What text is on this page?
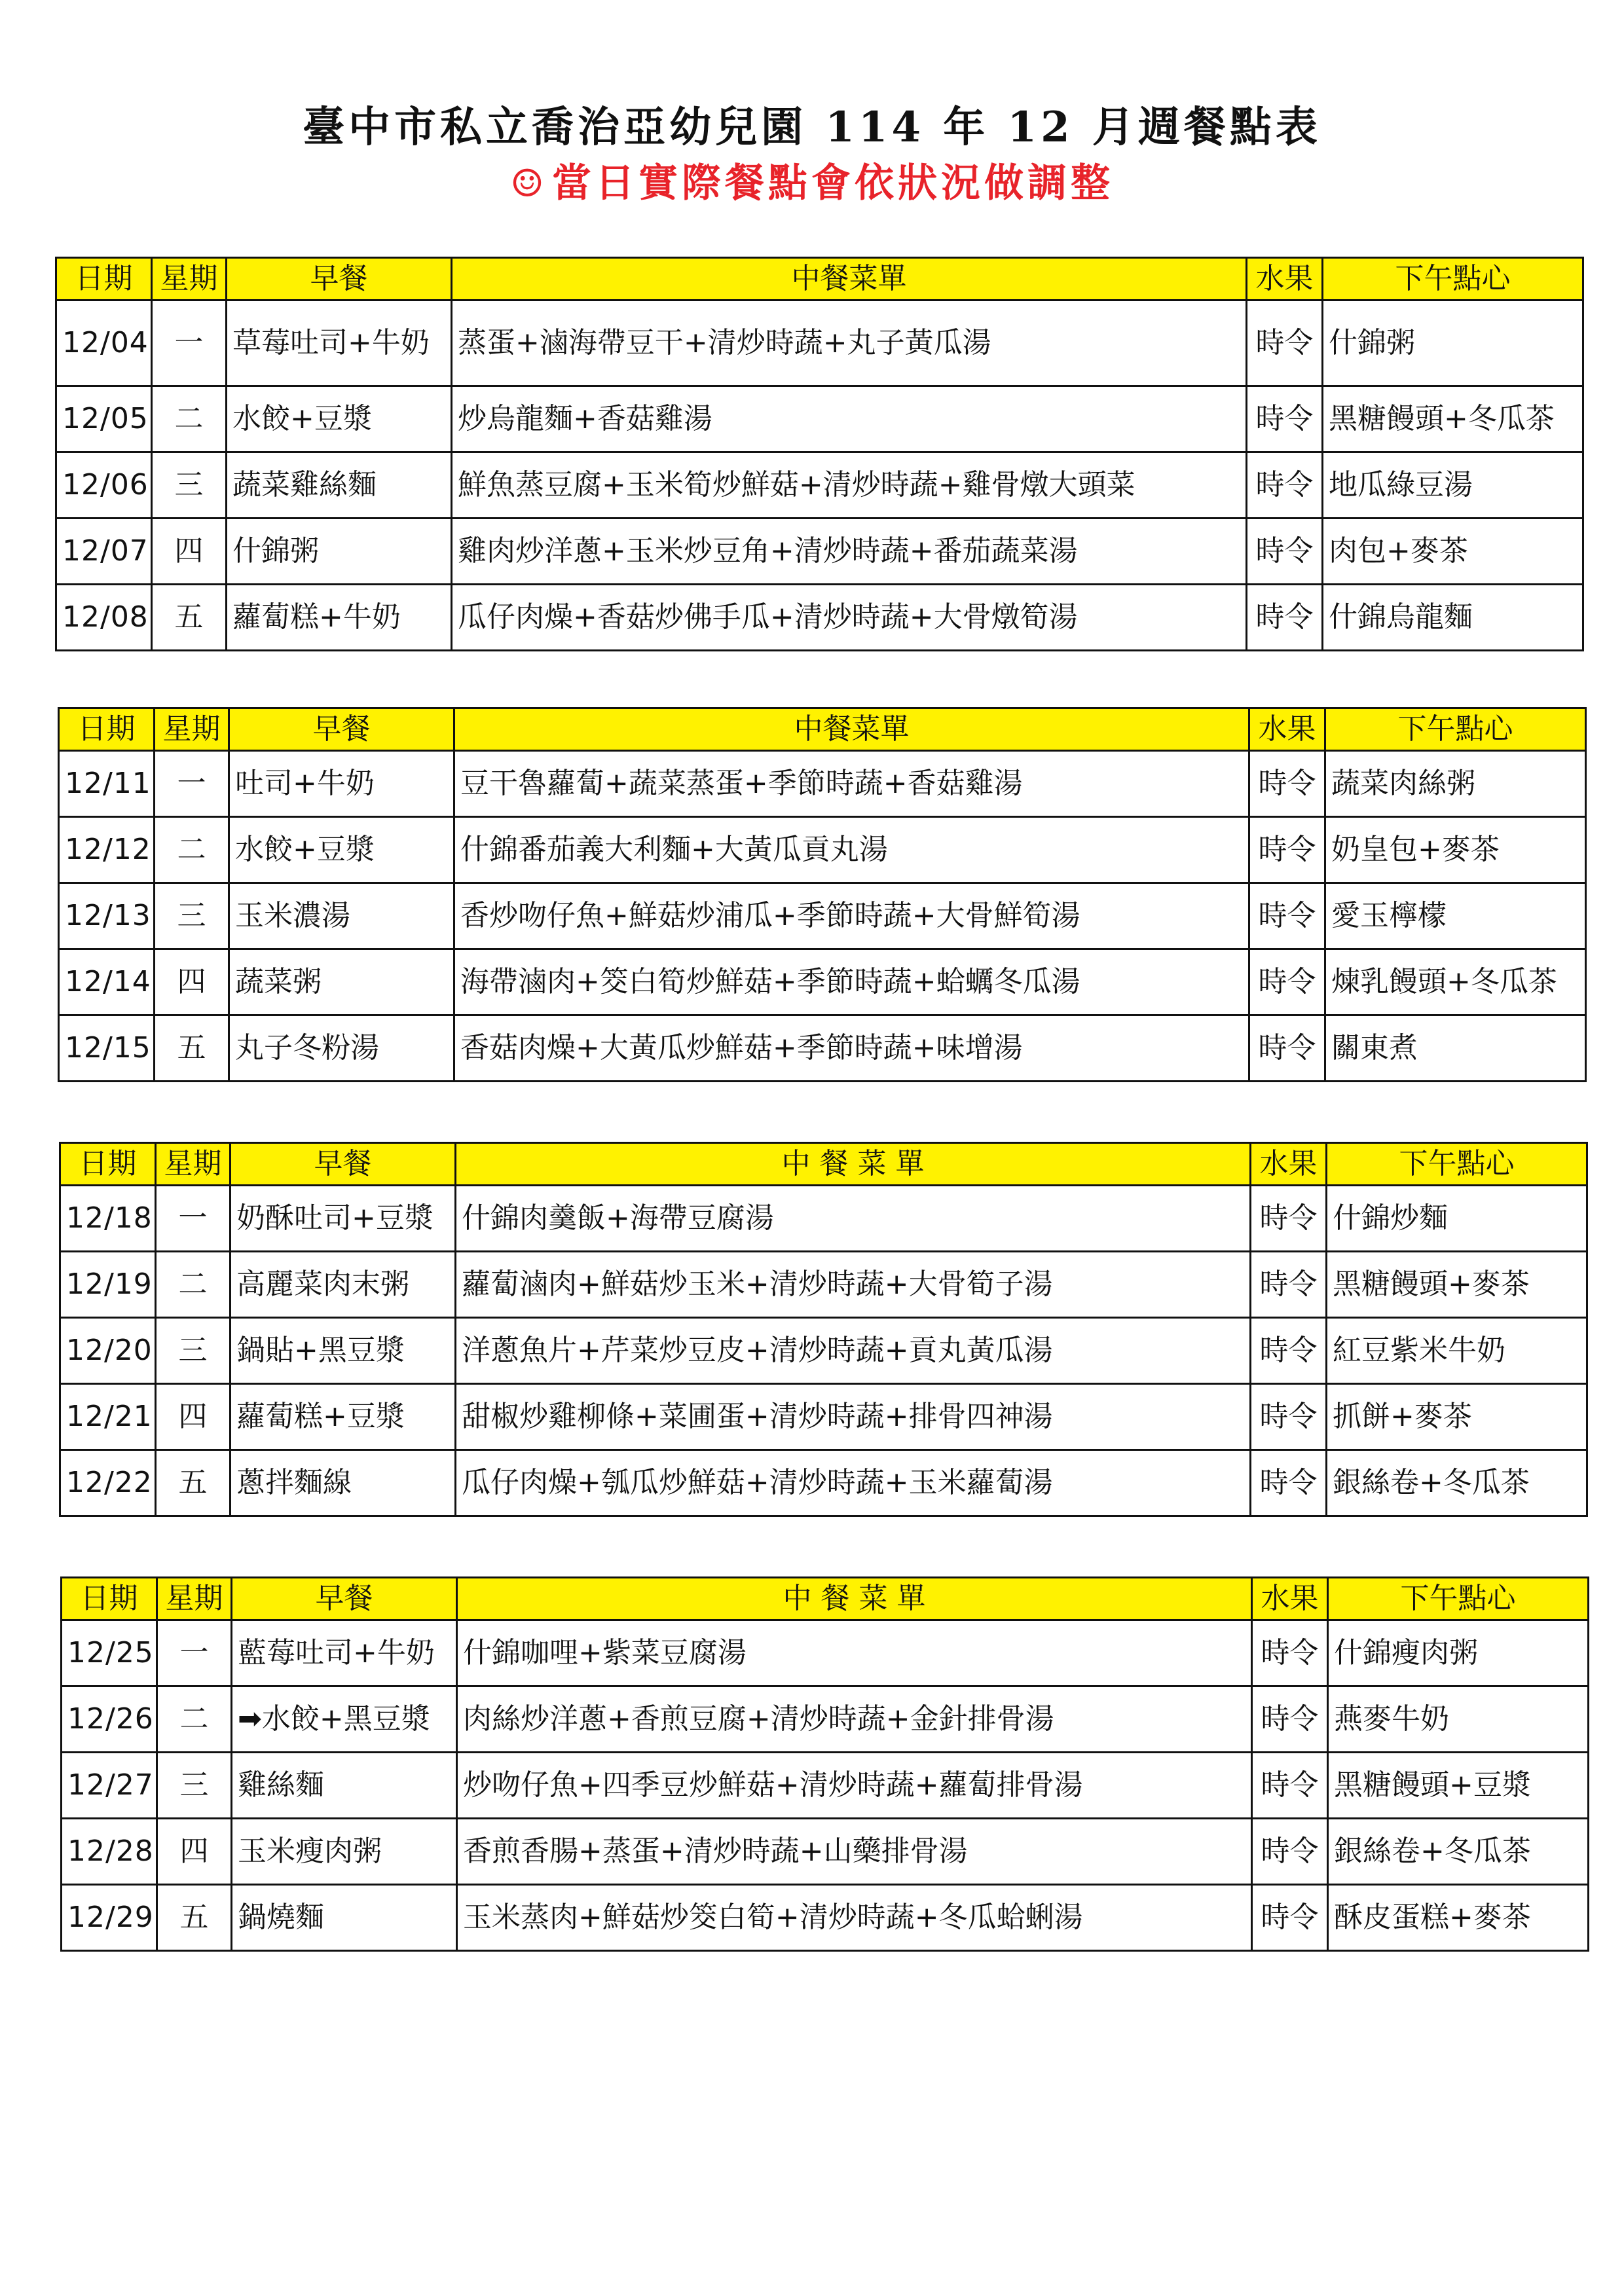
臺中市私立喬治亞幼兒園 114 年 12 月週餐點表
☺ 當日實際餐點會依狀況做調整
日期	星期	早餐	中餐菜單	水果	下午點心
12/04	一	草莓吐司+牛奶	蒸蛋+滷海帶豆干+清炒時蔬+丸子黃瓜湯	時令	什錦粥
12/05	二	水餃+豆漿	炒烏龍麵+香菇雞湯	時令	黑糖饅頭+冬瓜茶
12/06	三	蔬菜雞絲麵	鮮魚蒸豆腐+玉米筍炒鮮菇+清炒時蔬+雞骨燉大頭菜	時令	地瓜綠豆湯
12/07	四	什錦粥	雞肉炒洋蔥+玉米炒豆角+清炒時蔬+番茄蔬菜湯	時令	肉包+麥茶
12/08	五	蘿蔔糕+牛奶	瓜仔肉燥+香菇炒佛手瓜+清炒時蔬+大骨燉筍湯	時令	什錦烏龍麵
日期	星期	早餐	中餐菜單	水果	下午點心
12/11	一	吐司+牛奶	豆干魯蘿蔔+蔬菜蒸蛋+季節時蔬+香菇雞湯	時令	蔬菜肉絲粥
12/12	二	水餃+豆漿	什錦番茄義大利麵+大黃瓜貢丸湯	時令	奶皇包+麥茶
12/13	三	玉米濃湯	香炒吻仔魚+鮮菇炒浦瓜+季節時蔬+大骨鮮筍湯	時令	愛玉檸檬
12/14	四	蔬菜粥	海帶滷肉+筊白筍炒鮮菇+季節時蔬+蛤蠣冬瓜湯	時令	煉乳饅頭+冬瓜茶
12/15	五	丸子冬粉湯	香菇肉燥+大黃瓜炒鮮菇+季節時蔬+味增湯	時令	關東煮
日期	星期	早餐	中 餐 菜 單	水果	下午點心
12/18	一	奶酥吐司+豆漿	什錦肉羹飯+海帶豆腐湯	時令	什錦炒麵
12/19	二	高麗菜肉末粥	蘿蔔滷肉+鮮菇炒玉米+清炒時蔬+大骨筍子湯	時令	黑糖饅頭+麥茶
12/20	三	鍋貼+黑豆漿	洋蔥魚片+芹菜炒豆皮+清炒時蔬+貢丸黃瓜湯	時令	紅豆紫米牛奶
12/21	四	蘿蔔糕+豆漿	甜椒炒雞柳條+菜圃蛋+清炒時蔬+排骨四神湯	時令	抓餅+麥茶
12/22	五	蔥拌麵線	瓜仔肉燥+瓠瓜炒鮮菇+清炒時蔬+玉米蘿蔔湯	時令	銀絲卷+冬瓜茶
日期	星期	早餐	中 餐 菜 單	水果	下午點心
12/25	一	藍莓吐司+牛奶	什錦咖哩+紫菜豆腐湯	時令	什錦瘦肉粥
12/26	二	➡水餃+黑豆漿	肉絲炒洋蔥+香煎豆腐+清炒時蔬+金針排骨湯	時令	燕麥牛奶
12/27	三	雞絲麵	炒吻仔魚+四季豆炒鮮菇+清炒時蔬+蘿蔔排骨湯	時令	黑糖饅頭+豆漿
12/28	四	玉米瘦肉粥	香煎香腸+蒸蛋+清炒時蔬+山藥排骨湯	時令	銀絲卷+冬瓜茶
12/29	五	鍋燒麵	玉米蒸肉+鮮菇炒筊白筍+清炒時蔬+冬瓜蛤蜊湯	時令	酥皮蛋糕+麥茶
